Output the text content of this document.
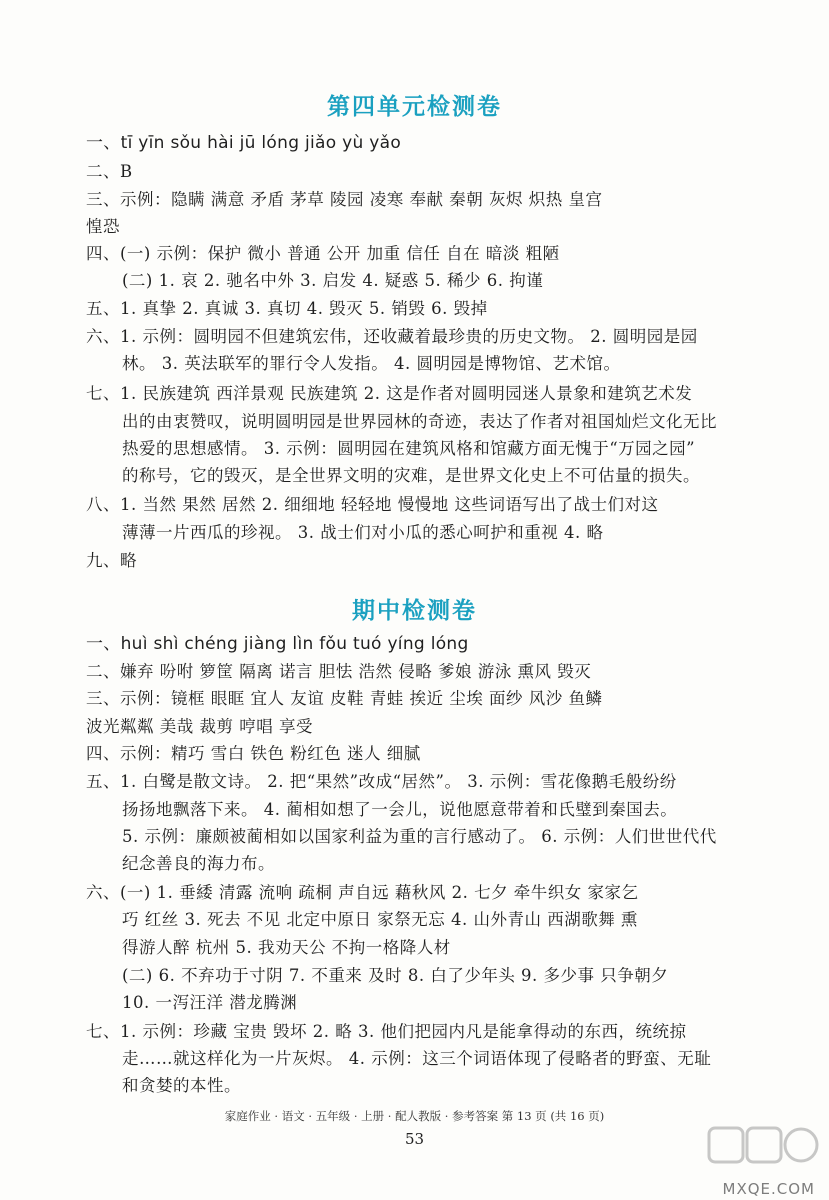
第四单元检测卷
一、tī yīn sǒu hài jū lóng jiǎo yù yǎo
二、B
三、示例：隐瞒 满意 矛盾 茅草 陵园 凌寒 奉献 秦朝 灰烬 炽热 皇宫
惶恐
四、(一) 示例：保护 微小 普通 公开 加重 信任 自在 暗淡 粗陋
(二) 1. 哀 2. 驰名中外 3. 启发 4. 疑惑 5. 稀少 6. 拘谨
五、1. 真挚 2. 真诚 3. 真切 4. 毁灭 5. 销毁 6. 毁掉
六、1. 示例：圆明园不但建筑宏伟，还收藏着最珍贵的历史文物。 2. 圆明园是园
林。 3. 英法联军的罪行令人发指。 4. 圆明园是博物馆、艺术馆。
七、1. 民族建筑 西洋景观 民族建筑 2. 这是作者对圆明园迷人景象和建筑艺术发
出的由衷赞叹，说明圆明园是世界园林的奇迹，表达了作者对祖国灿烂文化无比
热爱的思想感情。 3. 示例：圆明园在建筑风格和馆藏方面无愧于“万园之园”
的称号，它的毁灭，是全世界文明的灾难，是世界文化史上不可估量的损失。
八、1. 当然 果然 居然 2. 细细地 轻轻地 慢慢地 这些词语写出了战士们对这
薄薄一片西瓜的珍视。 3. 战士们对小瓜的悉心呵护和重视 4. 略
九、略
期中检测卷
一、huì shì chéng jiàng lìn fǒu tuó yíng lóng
二、嫌弃 吩咐 箩筐 隔离 诺言 胆怯 浩然 侵略 爹娘 游泳 熏风 毁灭
三、示例：镜框 眼眶 宜人 友谊 皮鞋 青蛙 挨近 尘埃 面纱 风沙 鱼鳞
波光粼粼 美哉 裁剪 哼唱 享受
四、示例：精巧 雪白 铁色 粉红色 迷人 细腻
五、1. 白鹭是散文诗。 2. 把“果然”改成“居然”。 3. 示例：雪花像鹅毛般纷纷
扬扬地飘落下来。 4. 蔺相如想了一会儿，说他愿意带着和氏璧到秦国去。
5. 示例：廉颇被蔺相如以国家利益为重的言行感动了。 6. 示例：人们世世代代
纪念善良的海力布。
六、(一) 1. 垂緌 清露 流响 疏桐 声自远 藉秋风 2. 七夕 牵牛织女 家家乞
巧 红丝 3. 死去 不见 北定中原日 家祭无忘 4. 山外青山 西湖歌舞 熏
得游人醉 杭州 5. 我劝天公 不拘一格降人材
(二) 6. 不弃功于寸阴 7. 不重来 及时 8. 白了少年头 9. 多少事 只争朝夕
10. 一泻汪洋 潜龙腾渊
七、1. 示例：珍藏 宝贵 毁坏 2. 略 3. 他们把园内凡是能拿得动的东西，统统掠
走……就这样化为一片灰烬。 4. 示例：这三个词语体现了侵略者的野蛮、无耻
和贪婪的本性。
家庭作业 · 语文 · 五年级 · 上册 · 配人教版 · 参考答案 第 13 页 (共 16 页)
53
MXQE.COM
